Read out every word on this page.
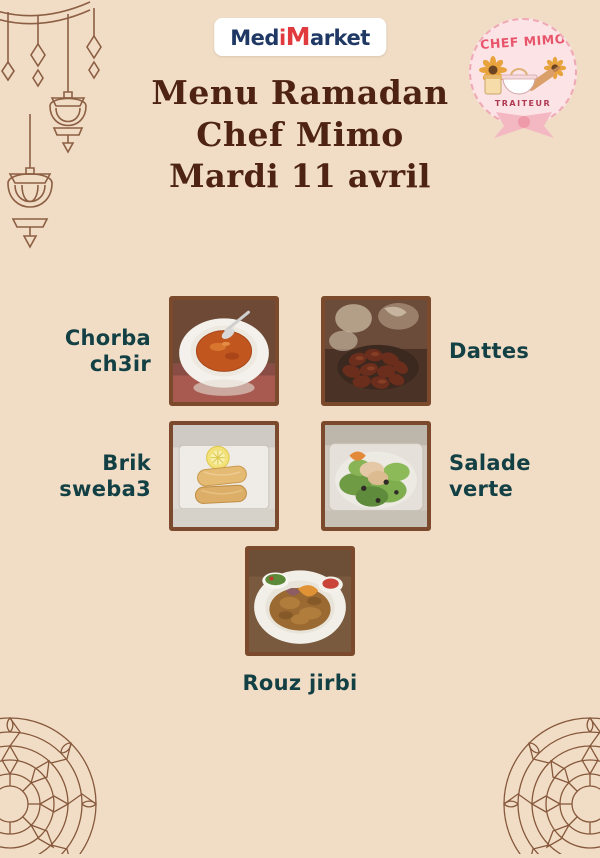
MediMarket	CHEF MIMO
TRAITEUR
Menu Ramadan
Chef Mimo
Mardi 11 avril
Chorba
ch3ir
Dattes
Brik
sweba3
Salade
verte
Rouz jirbi
